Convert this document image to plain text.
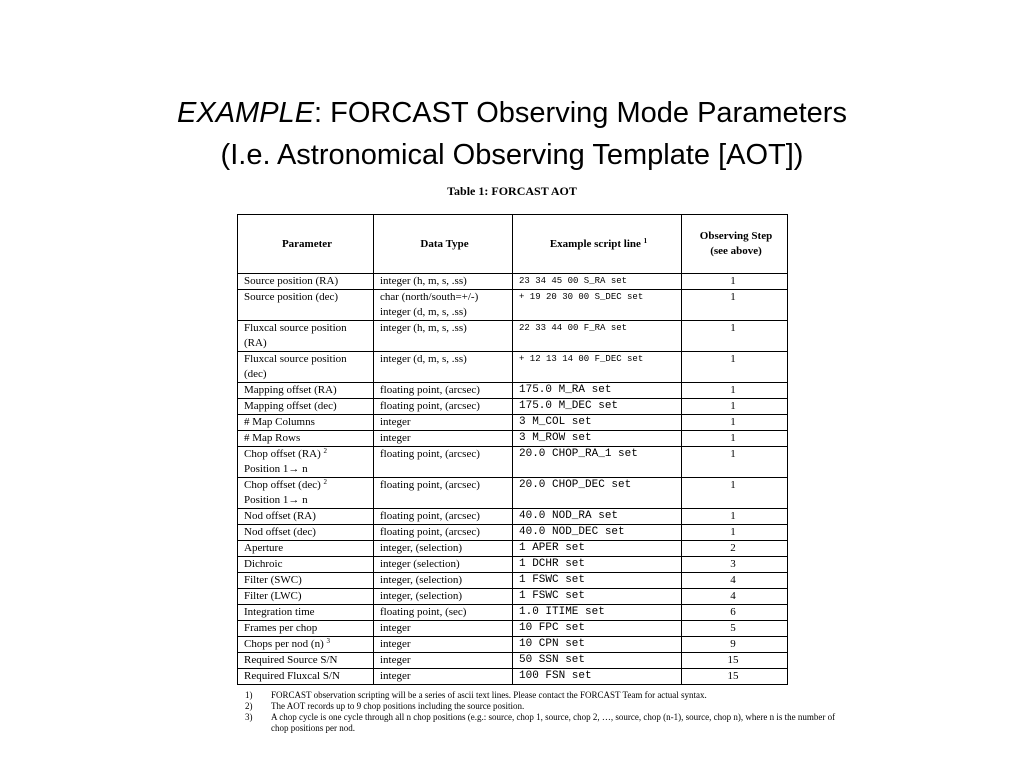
EXAMPLE: FORCAST Observing Mode Parameters
(I.e. Astronomical Observing Template [AOT])
Table 1: FORCAST AOT
Parameter	Data Type	Example script line $^1$	Observing Step
(see above)
Source position (RA)	integer (h, m, s, .ss)	23 34 45 00 S_RA set	1
Source position (dec)	char (north/south=+/-) integer (d, m, s, .ss)	+ 19 20 30 00 S_DEC set	1
Fluxcal source position (RA)	integer (h, m, s, .ss)	22 33 44 00 F_RA set	1
Fluxcal source position (dec)	integer (d, m, s, .ss)	+ 12 13 14 00 F_DEC set	1
Mapping offset (RA)	floating point, (arcsec)	175.0 M_RA set	1
Mapping offset (dec)	floating point, (arcsec)	175.0 M_DEC set	1
# Map Columns	integer	3 M_COL set	1
# Map Rows	integer	3 M_ROW set	1
Chop offset (RA) $^2$
Position 1→ n	floating point, (arcsec)	20.0 CHOP_RA_1 set	1
Chop offset (dec) $^2$
Position 1→ n	floating point, (arcsec)	20.0 CHOP_DEC set	1
Nod offset (RA)	floating point, (arcsec)	40.0 NOD_RA set	1
Nod offset (dec)	floating point, (arcsec)	40.0 NOD_DEC set	1
Aperture	integer, (selection)	1 APER set	2
Dichroic	integer (selection)	1 DCHR set	3
Filter (SWC)	integer, (selection)	1 FSWC set	4
Filter (LWC)	integer, (selection)	1 FSWC set	4
Integration time	floating point, (sec)	1.0 ITIME set	6
Frames per chop	integer	10 FPC set	5
Chops per nod (n) $^3$	integer	10 CPN set	9
Required Source S/N	integer	50 SSN set	15
Required Fluxcal S/N	integer	100 FSN set	15
1)	FORCAST observation scripting will be a series of ascii text lines. Please contact the FORCAST Team for actual syntax.
2)	The AOT records up to 9 chop positions including the source position.
3)	A chop cycle is one cycle through all n chop positions (e.g.: source, chop 1, source, chop 2, …, source, chop (n-1), source, chop n), where n is the number of chop positions per nod.
